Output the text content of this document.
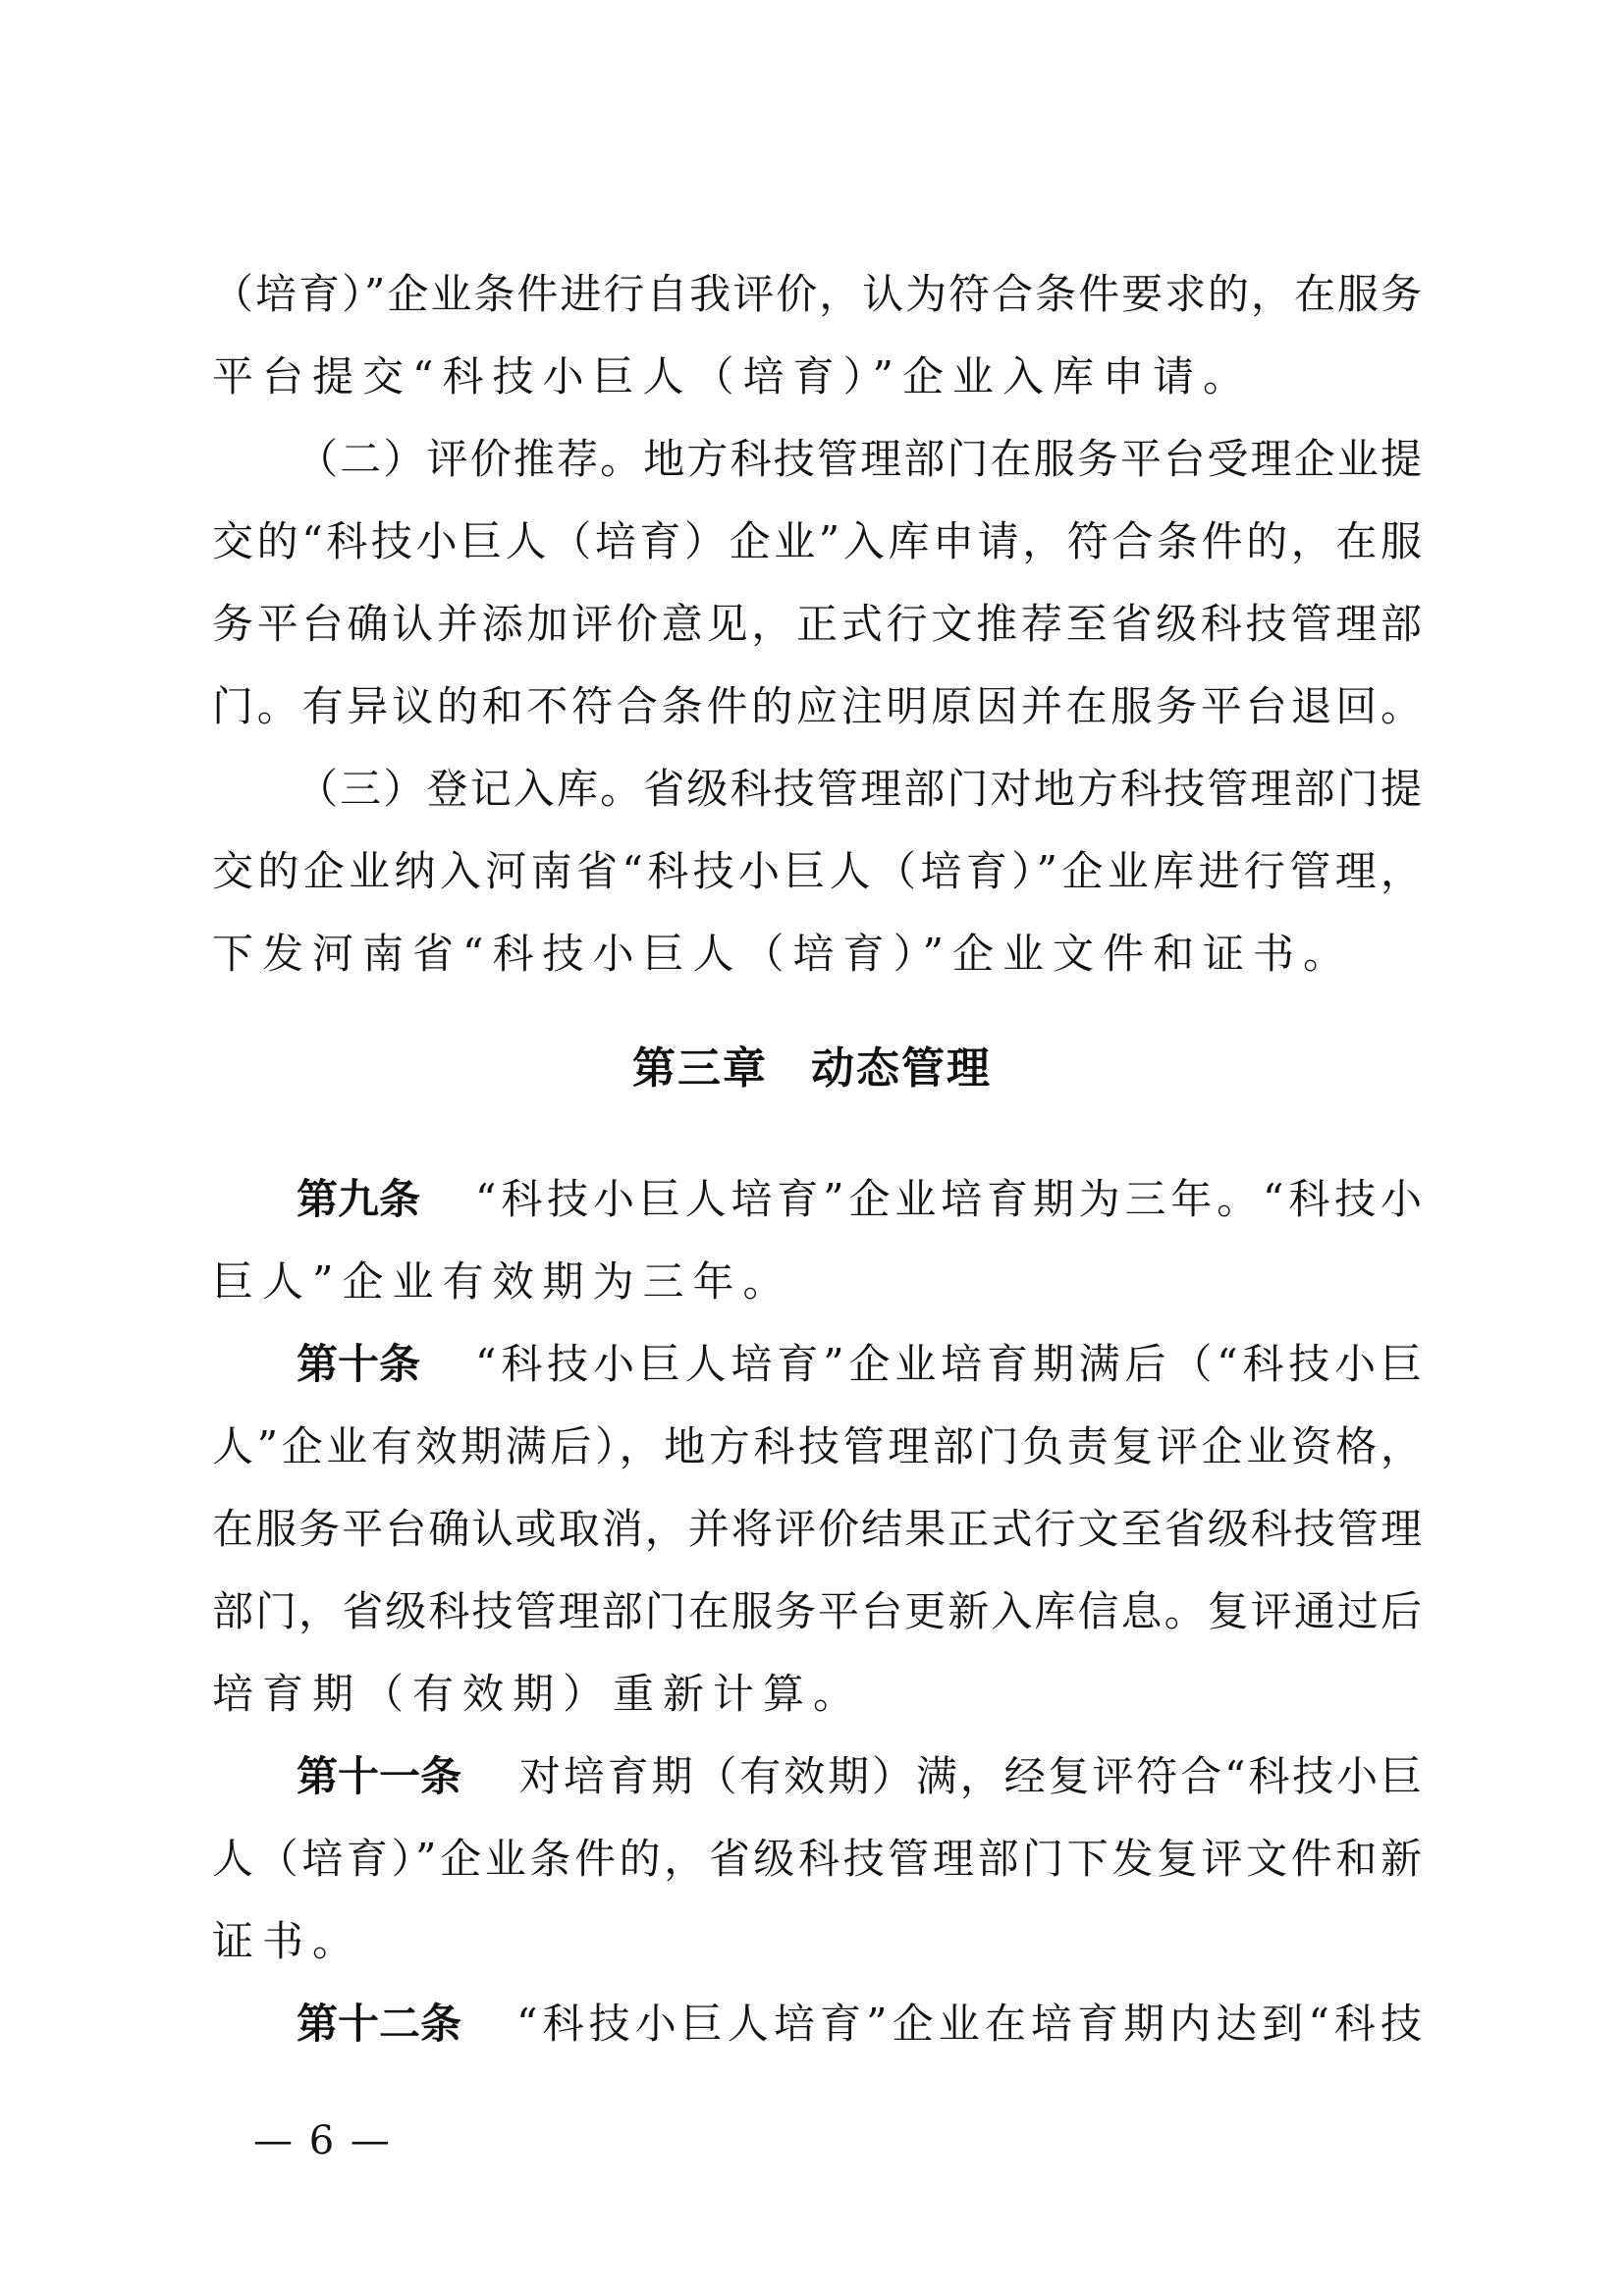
（培育）”企业条件进行自我评价，认为符合条件要求的，在服务
平台提交“科技小巨人（培育）”企业入库申请。
（二）评价推荐。地方科技管理部门在服务平台受理企业提
交的“科技小巨人（培育）企业”入库申请，符合条件的，在服
务平台确认并添加评价意见，正式行文推荐至省级科技管理部
门。有异议的和不符合条件的应注明原因并在服务平台退回。
（三）登记入库。省级科技管理部门对地方科技管理部门提
交的企业纳入河南省“科技小巨人（培育）”企业库进行管理，
下发河南省“科技小巨人（培育）”企业文件和证书。
第三章 动态管理
第九条 “科技小巨人培育”企业培育期为三年。“科技小
巨人”企业有效期为三年。
第十条 “科技小巨人培育”企业培育期满后（“科技小巨
人”企业有效期满后），地方科技管理部门负责复评企业资格，
在服务平台确认或取消，并将评价结果正式行文至省级科技管理
部门，省级科技管理部门在服务平台更新入库信息。复评通过后
培育期（有效期）重新计算。
第十一条 对培育期（有效期）满，经复评符合“科技小巨
人（培育）”企业条件的，省级科技管理部门下发复评文件和新
证书。
第十二条 “科技小巨人培育”企业在培育期内达到“科技
— 6 —
